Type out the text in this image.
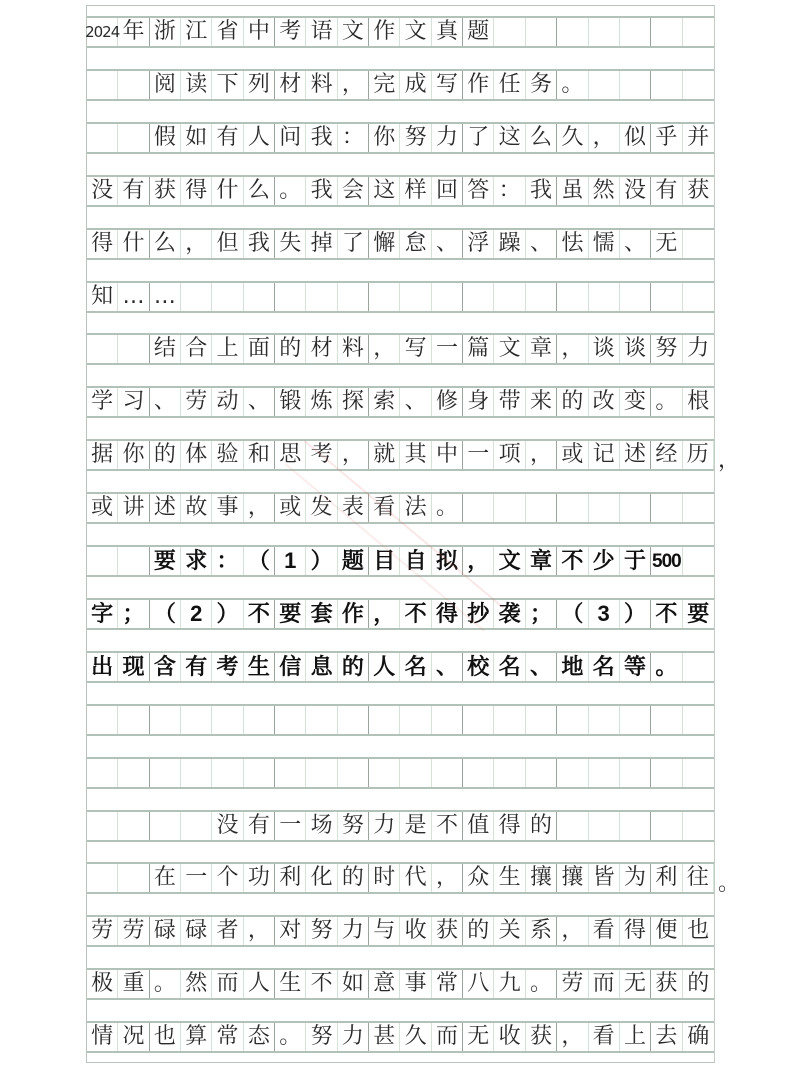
2024 年 浙 江 省 中 考 语 文 作 文 真 题
阅 读 下 列 材 料 ， 完 成 写 作 任 务 。
假 如 有 人 问 我 ： 你 努 力 了 这 么 久 ， 似 乎 并
没 有 获 得 什 么 。 我 会 这 样 回 答 ： 我 虽 然 没 有 获
得 什 么 ， 但 我 失 掉 了 懈 怠 、 浮 躁 、 怯 懦 、 无
知 … …
结 合 上 面 的 材 料 ， 写 一 篇 文 章 ， 谈 谈 努 力
学 习 、 劳 动 、 锻 炼 探 索 、 修 身 带 来 的 改 变 。 根
据 你 的 体 验 和 思 考 ， 就 其 中 一 项 ， 或 记 述 经 历 ，
或 讲 述 故 事 ， 或 发 表 看 法 。
要 求 ： （ 1 ） 题 目 自 拟 ， 文 章 不 少 于 500
字 ； （ 2 ） 不 要 套 作 ， 不 得 抄 袭 ； （ 3 ） 不 要
出 现 含 有 考 生 信 息 的 人 名 、 校 名 、 地 名 等 。
没 有 一 场 努 力 是 不 值 得 的
在 一 个 功 利 化 的 时 代 ， 众 生 攘 攘 皆 为 利 往 。
劳 劳 碌 碌 者 ， 对 努 力 与 收 获 的 关 系 ， 看 得 便 也
极 重 。 然 而 人 生 不 如 意 事 常 八 九 。 劳 而 无 获 的
情 况 也 算 常 态 。 努 力 甚 久 而 无 收 获 ， 看 上 去 确
